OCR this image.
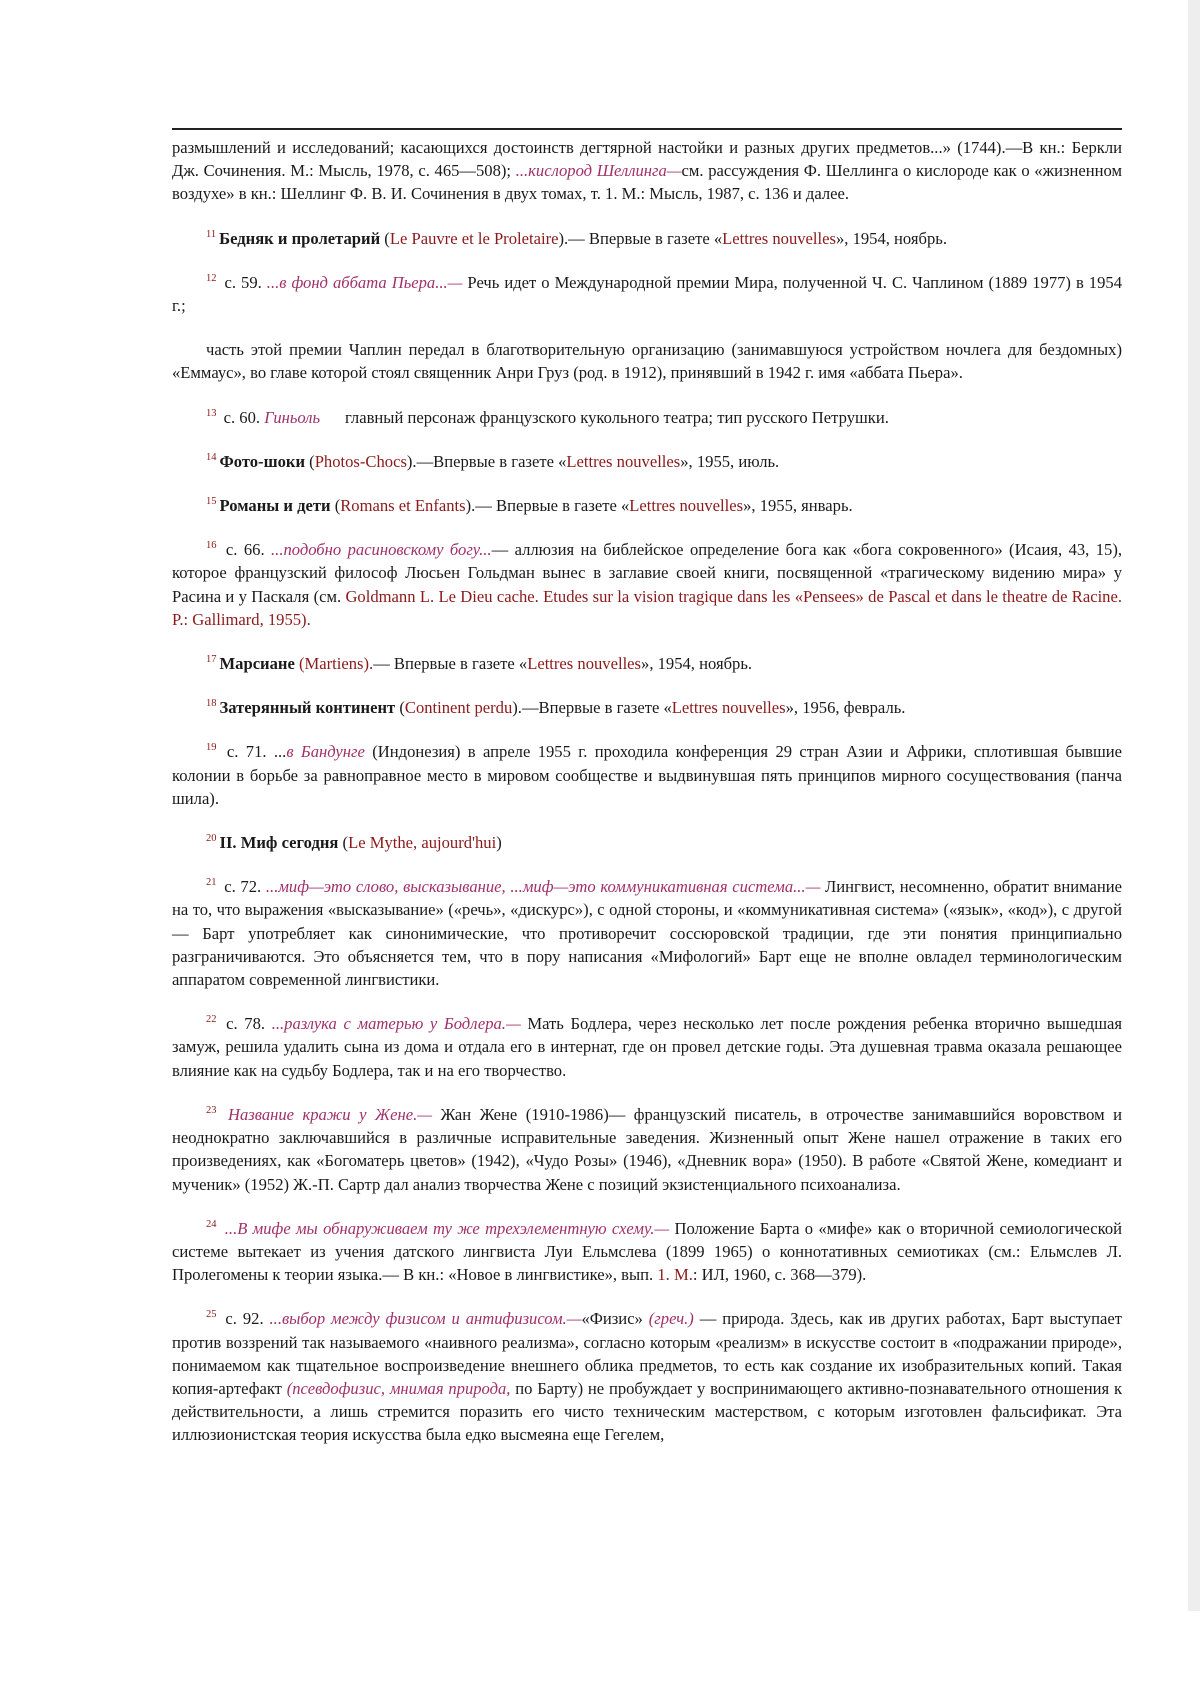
размышлений и исследований; касающихся достоинств дегтярной настойки и разных других предметов...» (1744).—В кн.: Беркли Дж. Сочинения. М.: Мысль, 1978, с. 465—508); ...кислород Шеллинга—см. рассуждения Ф. Шеллинга о кислороде как о «жизненном воздухе» в кн.: Шеллинг Ф. В. И. Сочинения в двух томах, т. 1. М.: Мысль, 1987, с. 136 и далее.

$^{11}$ Бедняк и пролетарий (Le Pauvre et le Proletaire).— Впервые в газете «Lettres nouvelles», 1954, ноябрь.

$^{12}$ с. 59. ...в фонд аббата Пьера...— Речь идет о Международной премии Мира, полученной Ч. С. Чаплином (1889 1977) в 1954 г.;

часть этой премии Чаплин передал в благотворительную организацию (занимавшуюся устройством ночлега для бездомных) «Еммаус», во главе которой стоял священник Анри Груз (род. в 1912), принявший в 1942 г. имя «аббата Пьера».

$^{13}$ с. 60. Гиньоль      главный персонаж французского кукольного театра; тип русского Петрушки.

$^{14}$ Фото-шоки (Photos-Chocs).—Впервые в газете «Lettres nouvelles», 1955, июль.

$^{15}$ Романы и дети (Romans et Enfants).— Впервые в газете «Lettres nouvelles», 1955, январь.

$^{16}$ с. 66. ...подобно расиновскому богу...— аллюзия на библейское определение бога как «бога сокровенного» (Исаия, 43, 15), которое французский философ Люсьен Гольдман вынес в заглавие своей книги, посвященной «трагическому видению мира» у Расина и у Паскаля (см. Goldmann L. Le Dieu cache. Etudes sur la vision tragique dans les «Pensees» de Pascal et dans le theatre de Racine. P.: Gallimard, 1955).

$^{17}$ Марсиане (Martiens).— Впервые в газете «Lettres nouvelles», 1954, ноябрь.

$^{18}$ Затерянный континент (Continent perdu).—Впервые в газете «Lettres nouvelles», 1956, февраль.

$^{19}$ с. 71. ...в Бандунге (Индонезия) в апреле 1955 г. проходила конференция 29 стран Азии и Африки, сплотившая бывшие колонии в борьбе за равноправное место в мировом сообществе и выдвинувшая пять принципов мирного сосуществования (панча шила).

$^{20}$ II. Миф сегодня (Le Mythe, aujourd'hui)

$^{21}$ с. 72. ...миф—это слово, высказывание, ...миф—это коммуникативная система...— Лингвист, несомненно, обратит внимание на то, что выражения «высказывание» («речь», «дискурс»), с одной стороны, и «коммуникативная система» («язык», «код»), с другой — Барт употребляет как синонимические, что противоречит соссюровской традиции, где эти понятия принципиально разграничиваются. Это объясняется тем, что в пору написания «Мифологий» Барт еще не вполне овладел терминологическим аппаратом современной лингвистики.

$^{22}$ с. 78. ...разлука с матерью у Бодлера.— Мать Бодлера, через несколько лет после рождения ребенка вторично вышедшая замуж, решила удалить сына из дома и отдала его в интернат, где он провел детские годы. Эта душевная травма оказала решающее влияние как на судьбу Бодлера, так и на его творчество.

$^{23}$ Название кражи у Жене.— Жан Жене (1910-1986)— французский писатель, в отрочестве занимавшийся воровством и неоднократно заключавшийся в различные исправительные заведения. Жизненный опыт Жене нашел отражение в таких его произведениях, как «Богоматерь цветов» (1942), «Чудо Розы» (1946), «Дневник вора» (1950). В работе «Святой Жене, комедиант и мученик» (1952) Ж.-П. Сартр дал анализ творчества Жене с позиций экзистенциального психоанализа.

$^{24}$ ...В мифе мы обнаруживаем ту же трехэлементную схему.— Положение Барта о «мифе» как о вторичной семиологической системе вытекает из учения датского лингвиста Луи Ельмслева (1899 1965) о коннотативных семиотиках (см.: Ельмслев Л. Пролегомены к теории языка.— В кн.: «Новое в лингвистике», вып. 1. М.: ИЛ, 1960, с. 368—379).

$^{25}$ с. 92. ...выбор между физисом и антифизисом.—«Физис» (греч.) — природа. Здесь, как ив других работах, Барт выступает против воззрений так называемого «наивного реализма», согласно которым «реализм» в искусстве состоит в «подражании природе», понимаемом как тщательное воспроизведение внешнего облика предметов, то есть как создание их изобразительных копий. Такая копия-артефакт (псевдофизис, мнимая природа, по Барту) не пробуждает у воспринимающего активно-познавательного отношения к действительности, а лишь стремится поразить его чисто техническим мастерством, с которым изготовлен фальсификат. Эта иллюзионистская теория искусства была едко высмеяна еще Гегелем,
